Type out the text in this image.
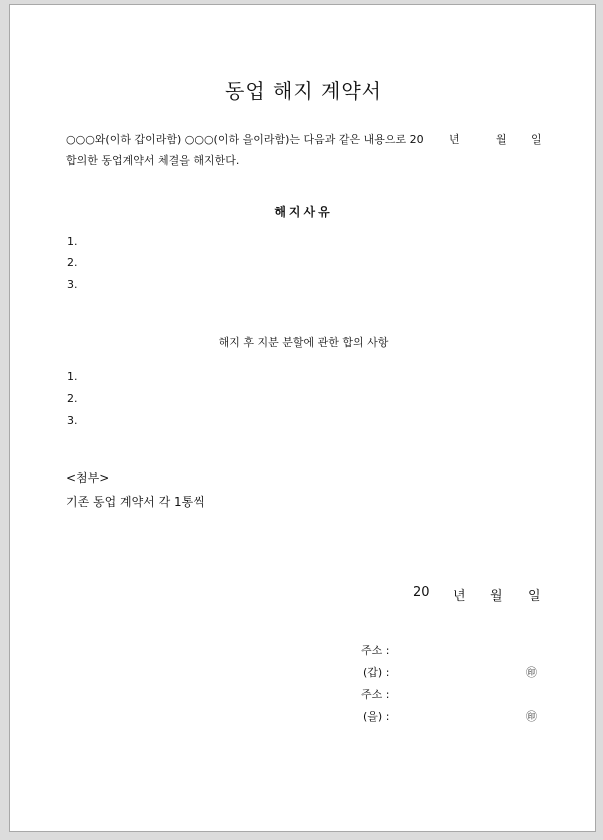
동업 해지 계약서
○○○와(이하 갑이라함) ○○○(이하 을이라함)는 다음과 같은 내용으로 20 년	월 일
합의한 동업계약서 체결을 해지한다.
해지사유
1.
2.
3.
해지 후 지분 분할에 관한 합의 사항
1.
2.
3.
<첨부>
기존 동업 계약서 각 1통씩
20 년 월 일
주소 :
(갑) :	㊞
주소 :
(을) :	㊞
